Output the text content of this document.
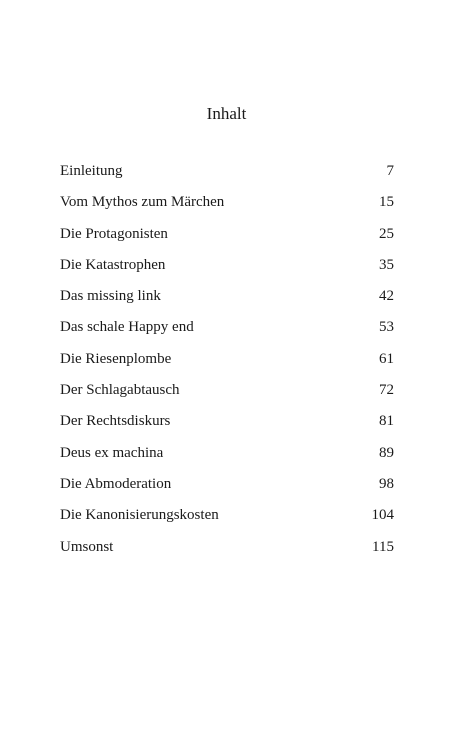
Inhalt
Einleitung	7
Vom Mythos zum Märchen	15
Die Protagonisten	25
Die Katastrophen	35
Das missing link	42
Das schale Happy end	53
Die Riesenplombe	61
Der Schlagabtausch	72
Der Rechtsdiskurs	81
Deus ex machina	89
Die Abmoderation	98
Die Kanonisierungskosten	104
Umsonst	115
